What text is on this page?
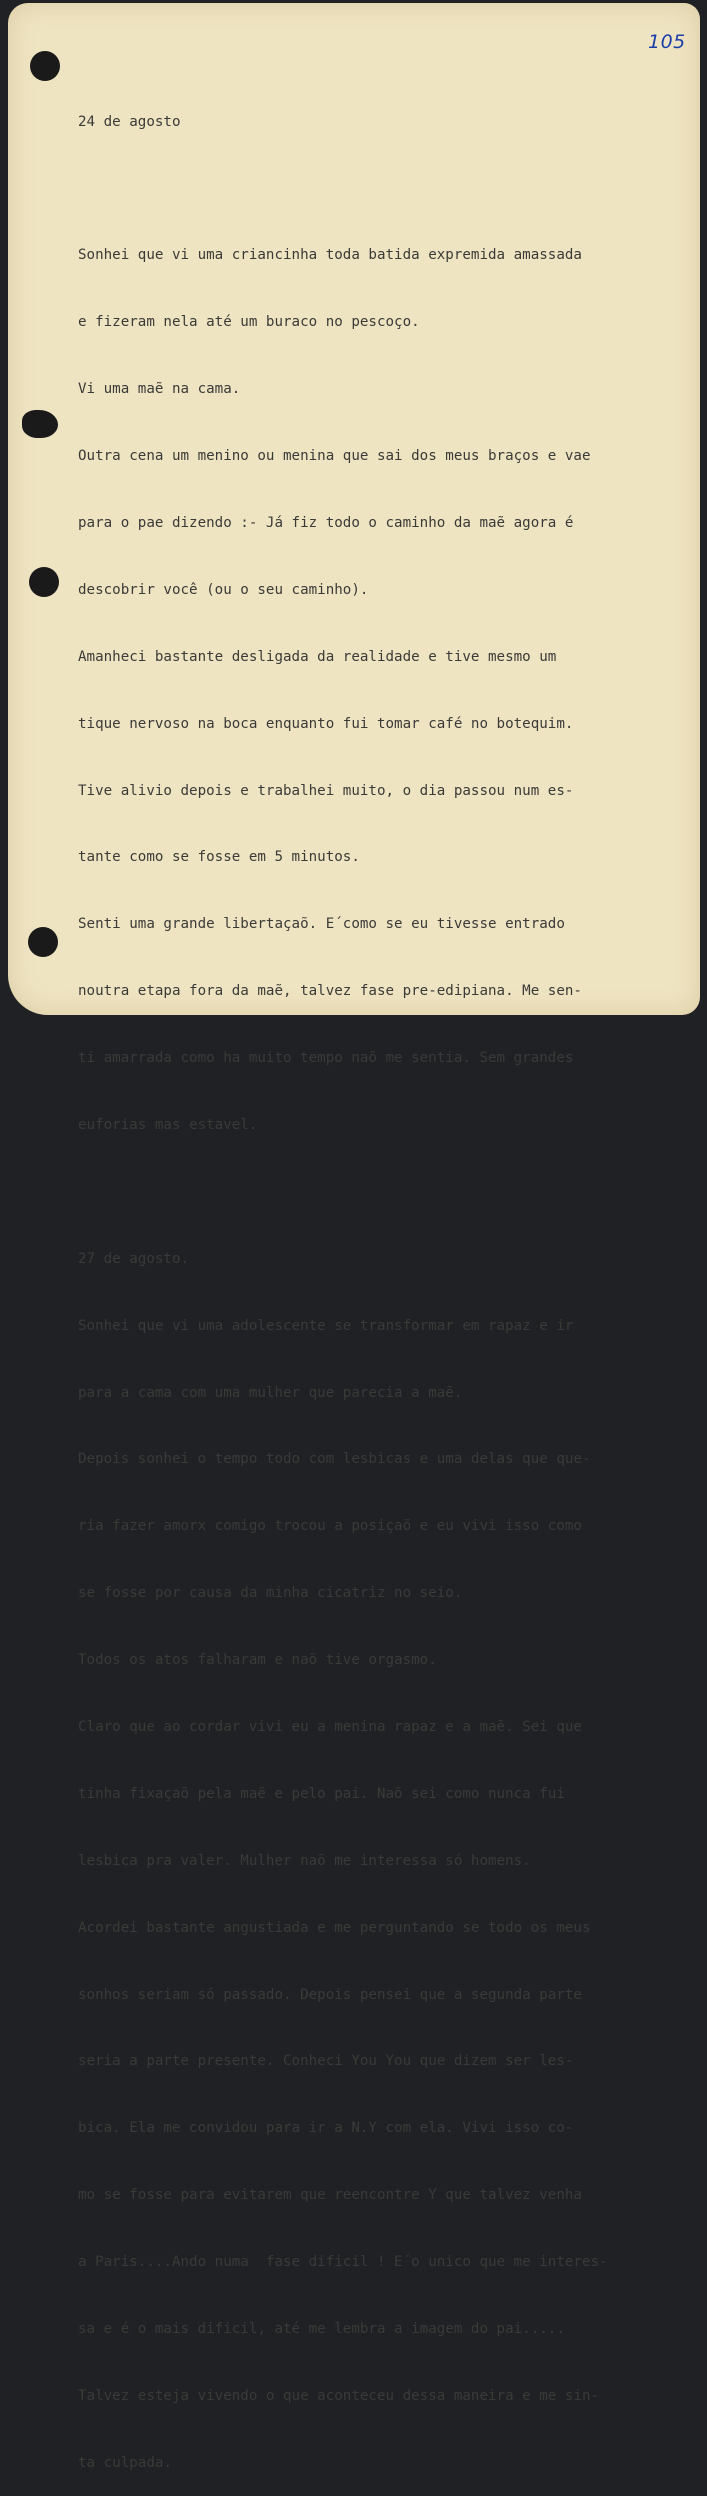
105

24 de agosto

Sonhei que vi uma criancinha toda batida expremida amassada

e fizeram nela até um buraco no pescoço.

Vi uma maẽ na cama.

Outra cena um menino ou menina que sai dos meus braços e vae

para o pae dizendo :- Já fiz todo o caminho da maẽ agora é

descobrir você (ou o seu caminho).

Amanheci bastante desligada da realidade e tive mesmo um

tique nervoso na boca enquanto fui tomar café no botequim.

Tive alivio depois e trabalhei muito, o dia passou num es-

tante como se fosse em 5 minutos.

Senti uma grande libertaçaõ. E´como se eu tivesse entrado

noutra etapa fora da maẽ, talvez fase pre-edipiana. Me sen-

ti amarrada como ha muito tempo naõ me sentia. Sem grandes

euforias mas estavel.

27 de agosto.

Sonhei que vi uma adolescente se transformar em rapaz e ir

para a cama com uma mulher que parecia a maẽ.

Depois sonhei o tempo todo com lesbicas e uma delas que que-

ria fazer amorx comigo trocou a posiçaõ e eu vivi isso como

se fosse por causa da minha cicatriz no seio.

Todos os atos falharam e naõ tive orgasmo.

Claro que ao cordar vivi eu a menina rapaz e a maẽ. Sei que

tinha fixaçaõ pela maẽ e pelo pai. Naõ sei como nunca fui

lesbica pra valer. Mulher naõ me interessa só homens.

Acordei bastante angustiada e me perguntando se todo os meus

sonhos seriam só passado. Depois pensei que a segunda parte

seria a parte presente. Conheci You You que dizem ser les-

bica. Ela me convidou para ir a N.Y com ela. Vivi isso co-

mo se fosse para evitarem que reencontre Y que talvez venha

a Paris....Ando numa  fase dificil ! E´o unico que me interes-

sa e é o mais dificil, até me lembra a imagem do pai.....

Talvez esteja vivendo o que aconteceu dessa maneira e me sin-

ta culpada.
